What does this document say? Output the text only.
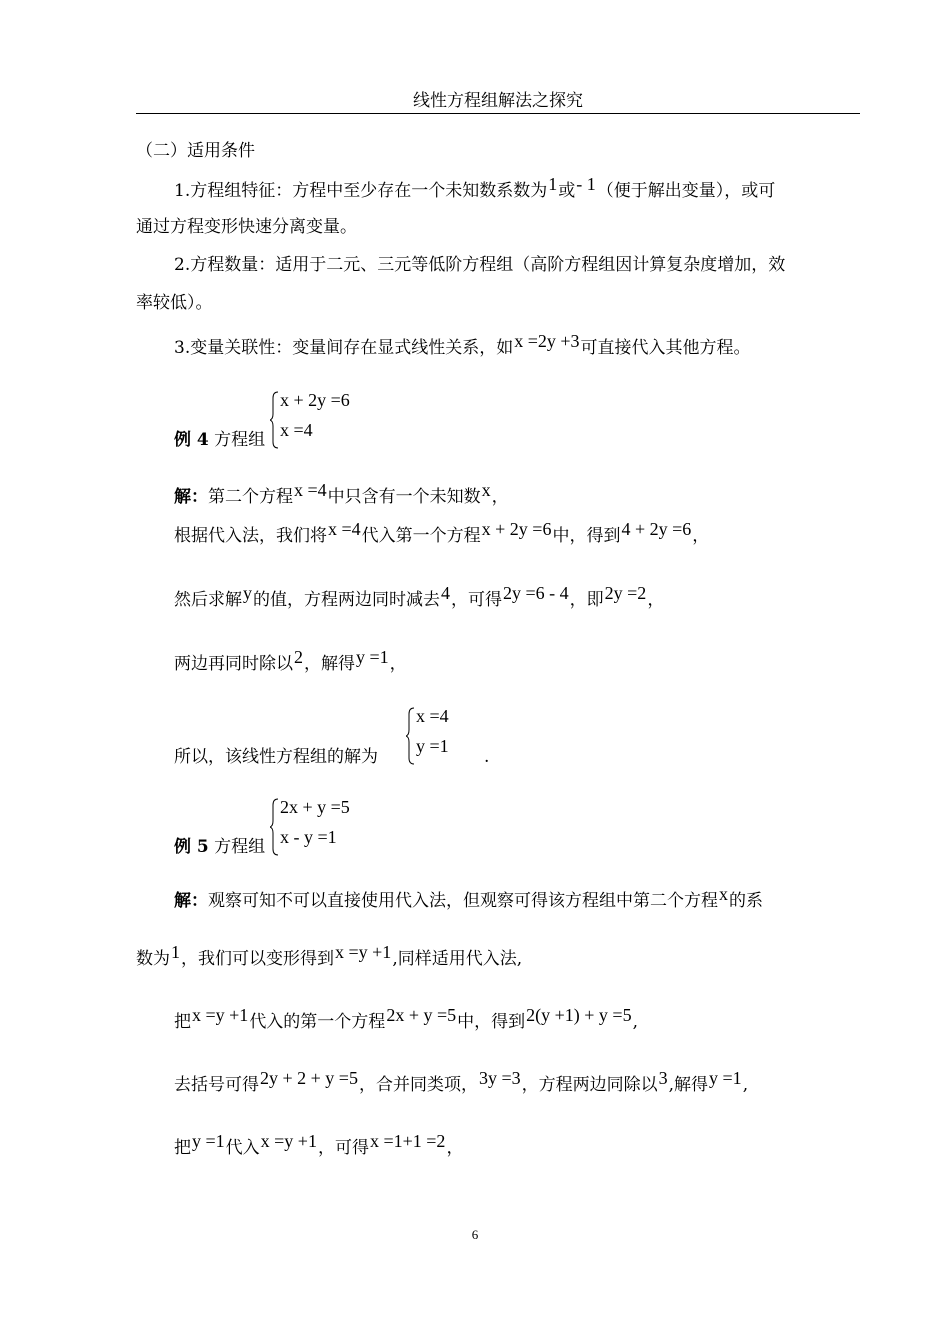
线性方程组解法之探究
（二）适用条件
1.方程组特征：方程中至少存在一个未知数系数为1或- 1（便于解出变量），或可
通过方程变形快速分离变量。
2.方程数量：适用于二元、三元等低阶方程组（高阶方程组因计算复杂度增加，效
率较低）。
3.变量关联性：变量间存在显式线性关系，如x =2y +3可直接代入其他方程。
例 4 方程组
x + 2y =6
x =4
解：第二个方程x =4中只含有一个未知数x，
根据代入法，我们将x =4代入第一个方程x + 2y =6中，得到4 + 2y =6，
然后求解y的值，方程两边同时减去4，可得2y =6 - 4，即2y =2，
两边再同时除以2，解得y =1，
所以，该线性方程组的解为
x =4
y =1
.
例 5 方程组
2x + y =5
x - y =1
解：观察可知不可以直接使用代入法，但观察可得该方程组中第二个方程x的系
数为1，我们可以变形得到x =y +1,同样适用代入法,
把x =y +1代入的第一个方程2x + y =5中，得到2(y +1) + y =5,
去括号可得2y + 2 + y =5，合并同类项，3y =3，方程两边同除以3,解得y =1,
把y =1代入x =y +1，可得x =1+1 =2，
6
